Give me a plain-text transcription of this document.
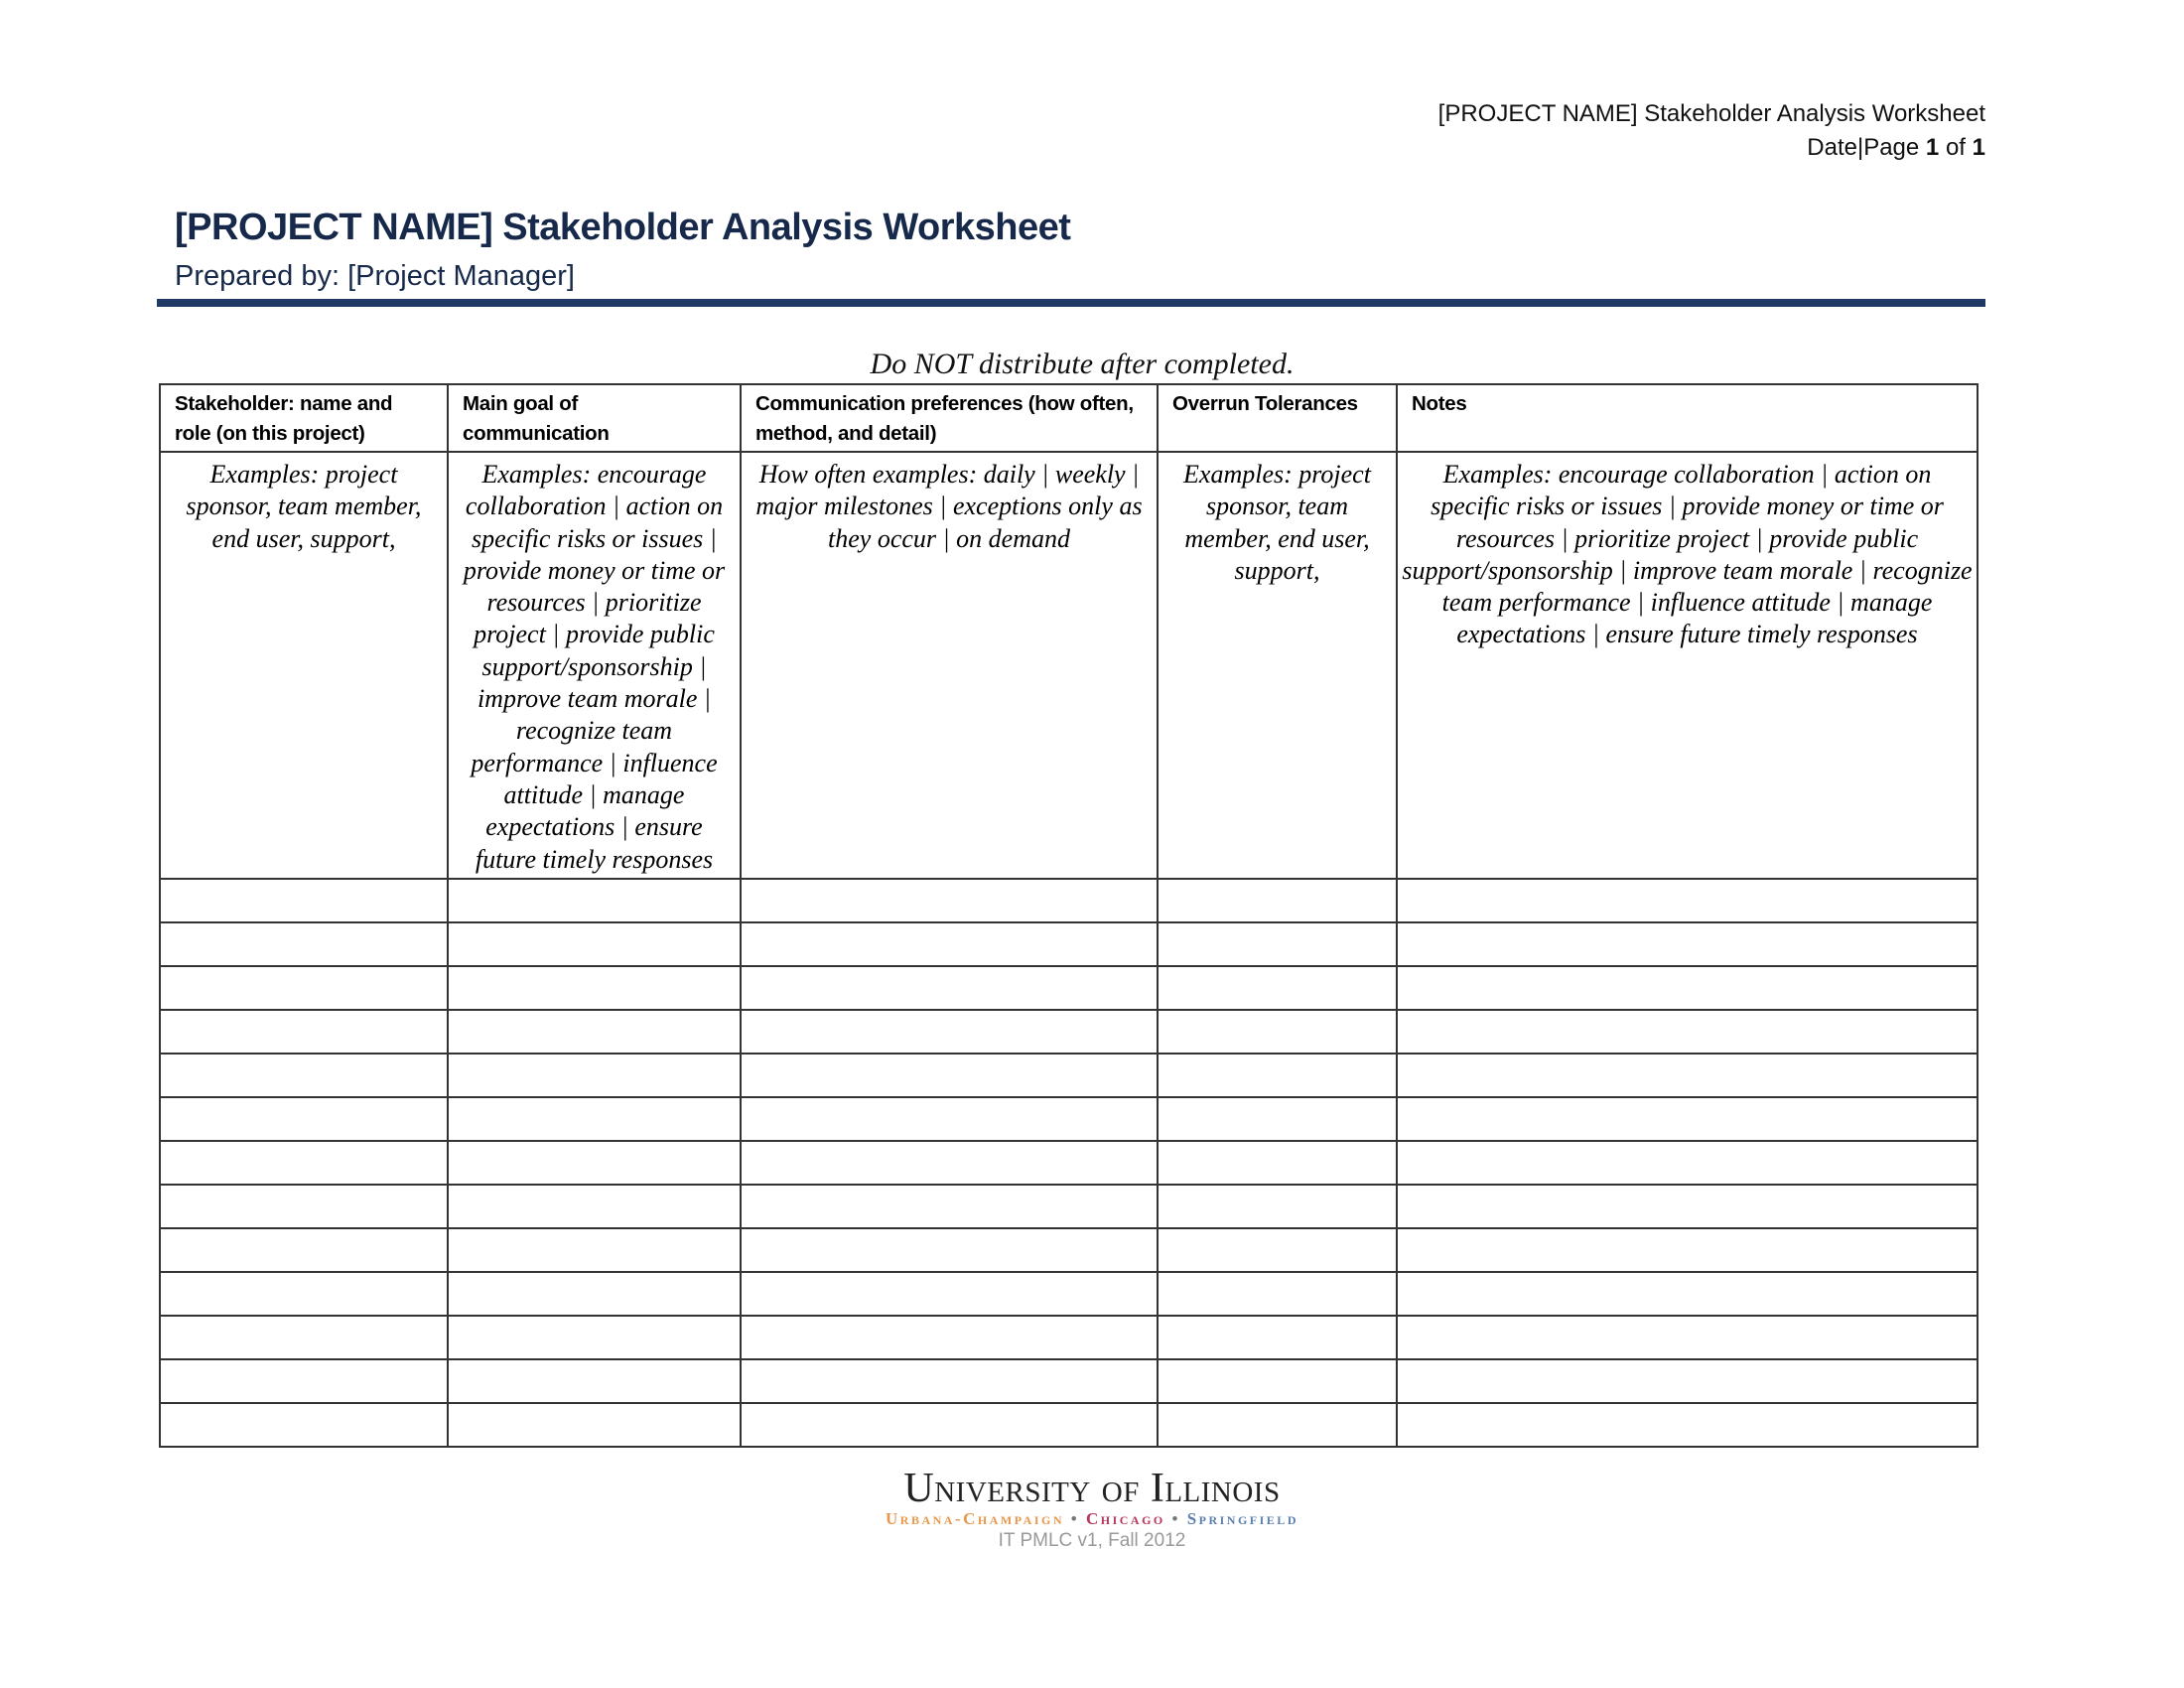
[PROJECT NAME] Stakeholder Analysis Worksheet
Date|Page 1 of 1
[PROJECT NAME] Stakeholder Analysis Worksheet
Prepared by: [Project Manager]
Do NOT distribute after completed.
Stakeholder: name and role (on this project)	Main goal of communication	Communication preferences (how often, method, and detail)	Overrun Tolerances	Notes
Examples: project sponsor, team member, end user, support,	Examples: encourage collaboration | action on specific risks or issues | provide money or time or resources | prioritize project | provide public support/sponsorship | improve team morale | recognize team performance | influence attitude | manage expectations | ensure future timely responses	How often examples: daily | weekly | major milestones | exceptions only as they occur | on demand	Examples: project sponsor, team member, end user, support,	Examples: encourage collaboration | action on specific risks or issues | provide money or time or resources | prioritize project | provide public support/sponsorship | improve team morale | recognize team performance | influence attitude | manage expectations | ensure future timely responses

University of Illinois
Urbana-Champaign • Chicago • Springfield
IT PMLC v1, Fall 2012
